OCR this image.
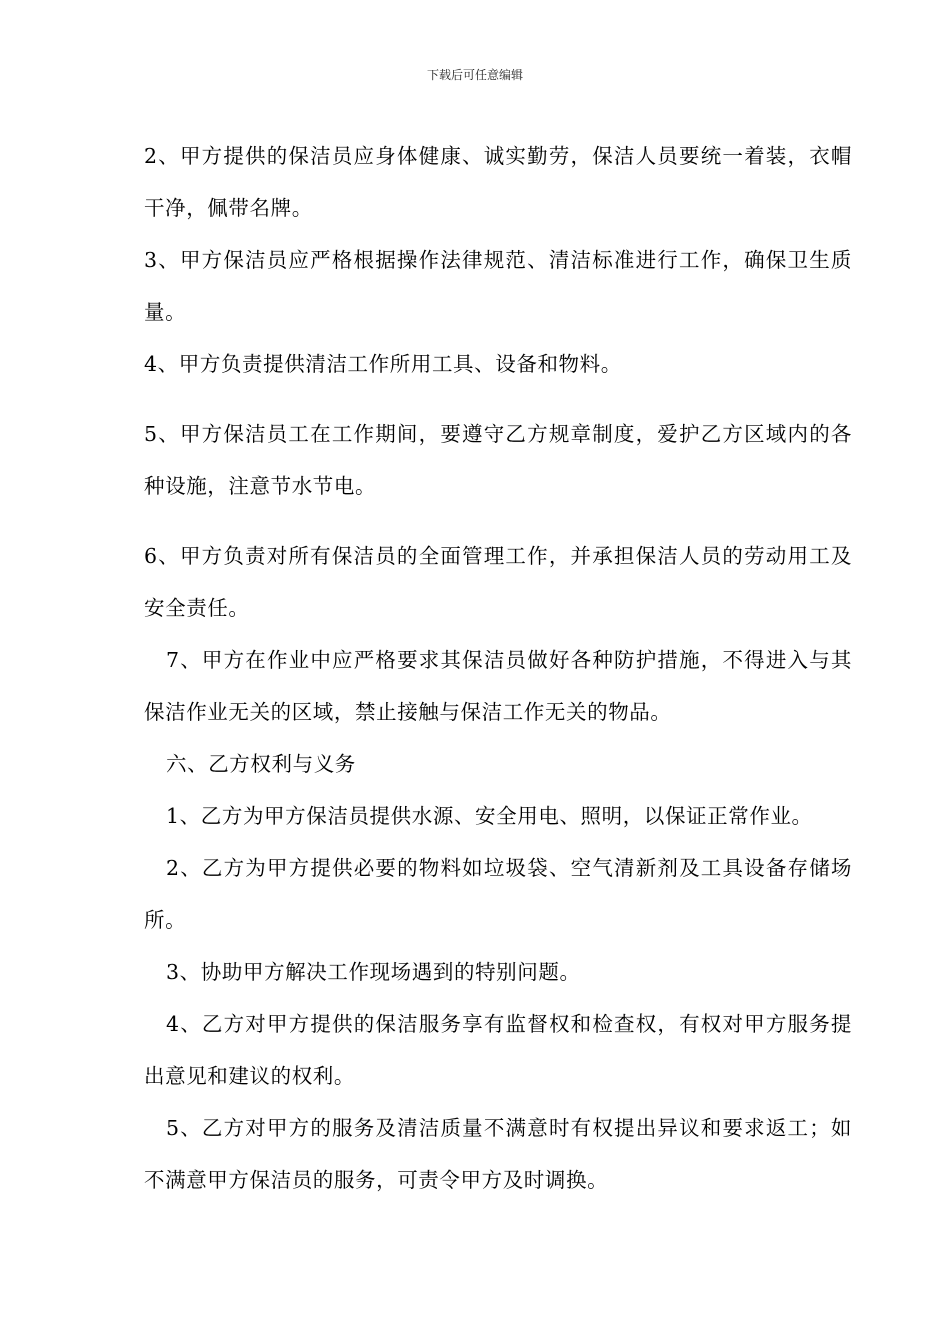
下载后可任意编辑

2、甲方提供的保洁员应身体健康、诚实勤劳，保洁人员要统一着装，衣帽干净，佩带名牌。

3、甲方保洁员应严格根据操作法律规范、清洁标准进行工作，确保卫生质量。

4、甲方负责提供清洁工作所用工具、设备和物料。

5、甲方保洁员工在工作期间，要遵守乙方规章制度，爱护乙方区域内的各种设施，注意节水节电。

6、甲方负责对所有保洁员的全面管理工作，并承担保洁人员的劳动用工及安全责任。

7、甲方在作业中应严格要求其保洁员做好各种防护措施，不得进入与其保洁作业无关的区域，禁止接触与保洁工作无关的物品。

六、乙方权利与义务

1、乙方为甲方保洁员提供水源、安全用电、照明，以保证正常作业。

2、乙方为甲方提供必要的物料如垃圾袋、空气清新剂及工具设备存储场所。

3、协助甲方解决工作现场遇到的特别问题。

4、乙方对甲方提供的保洁服务享有监督权和检查权，有权对甲方服务提出意见和建议的权利。

5、乙方对甲方的服务及清洁质量不满意时有权提出异议和要求返工；如不满意甲方保洁员的服务，可责令甲方及时调换。
